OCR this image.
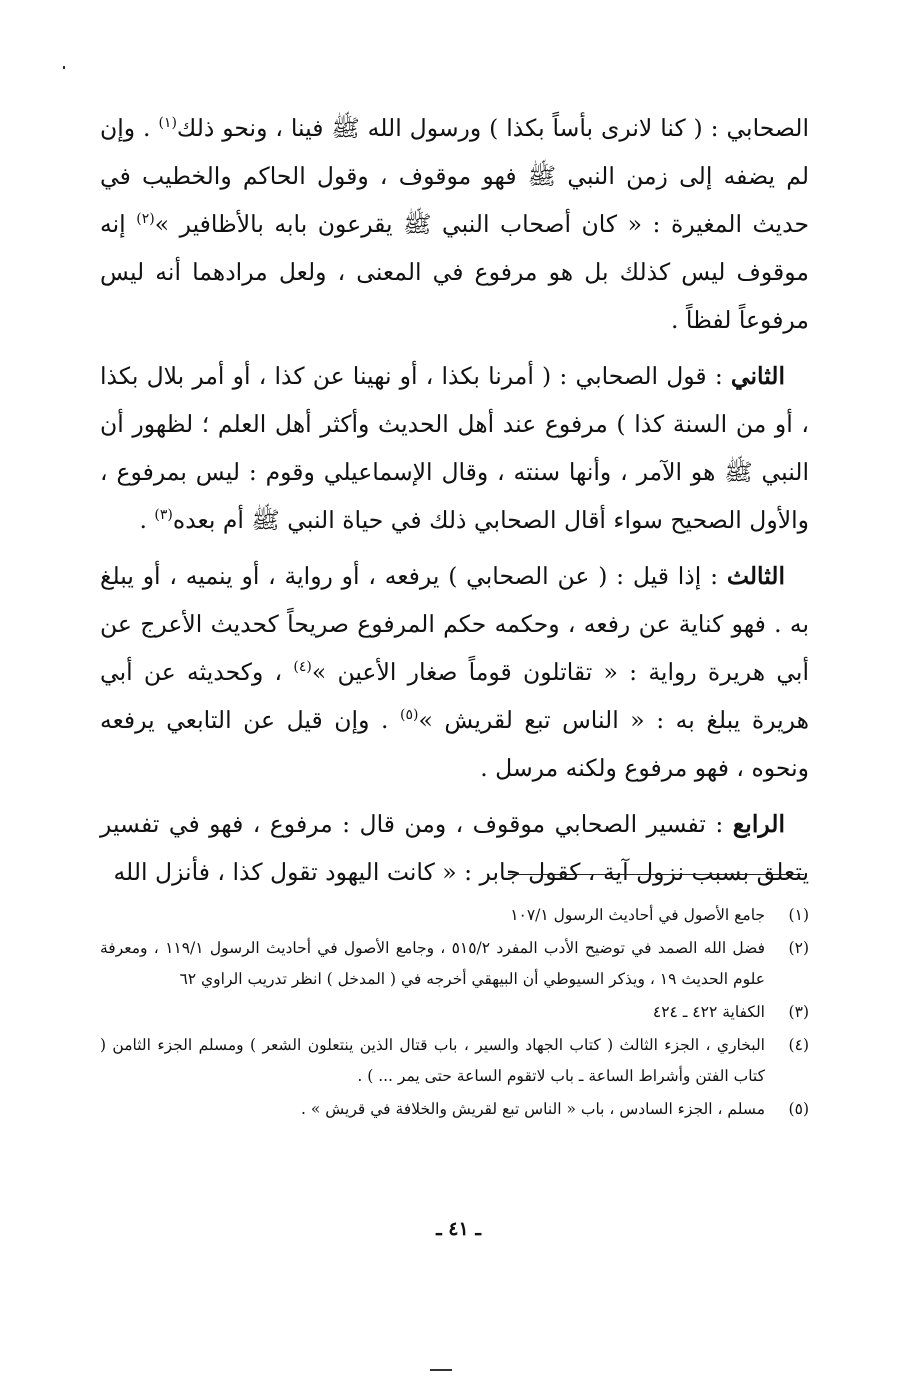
الصحابي : ( كنا لانرى بأساً بكذا ) ورسول الله ﷺ فينا ، ونحو ذلك$^{(١)}$ . وإن لم يضفه إلى زمن النبي ﷺ فهو موقوف ، وقول الحاكم والخطيب في حديث المغيرة : « كان أصحاب النبي ﷺ يقرعون بابه بالأظافير »$^{(٢)}$ إنه موقوف ليس كذلك بل هو مرفوع في المعنى ، ولعل مرادهما أنه ليس مرفوعاً لفظاً .

الثاني : قول الصحابي : ( أمرنا بكذا ، أو نهينا عن كذا ، أو أمر بلال بكذا ، أو من السنة كذا ) مرفوع عند أهل الحديث وأكثر أهل العلم ؛ لظهور أن النبي ﷺ هو الآمر ، وأنها سنته ، وقال الإسماعيلي وقوم : ليس بمرفوع ، والأول الصحيح سواء أقال الصحابي ذلك في حياة النبي ﷺ أم بعده$^{(٣)}$ .

الثالث : إذا قيل : ( عن الصحابي ) يرفعه ، أو رواية ، أو ينميه ، أو يبلغ به . فهو كناية عن رفعه ، وحكمه حكم المرفوع صريحاً كحديث الأعرج عن أبي هريرة رواية : « تقاتلون قوماً صغار الأعين »$^{(٤)}$ ، وكحديثه عن أبي هريرة يبلغ به : « الناس تبع لقريش »$^{(٥)}$ . وإن قيل عن التابعي يرفعه ونحوه ، فهو مرفوع ولكنه مرسل .

الرابع : تفسير الصحابي موقوف ، ومن قال : مرفوع ، فهو في تفسير يتعلق بسبب نزول آية ، كقول جابر : « كانت اليهود تقول كذا ، فأنزل الله

(١)
جامع الأصول في أحاديث الرسول ١٠٧/١
(٢)
فضل الله الصمد في توضيح الأدب المفرد ٥١٥/٢ ، وجامع الأصول في أحاديث الرسول ١١٩/١ ، ومعرفة علوم الحديث ١٩ ، ويذكر السيوطي أن البيهقي أخرجه في ( المدخل ) انظر تدريب الراوي ٦٢
(٣)
الكفاية ٤٢٢ ـ ٤٢٤
(٤)
البخاري ، الجزء الثالث ( كتاب الجهاد والسير ، باب قتال الذين ينتعلون الشعر ) ومسلم الجزء الثامن ( كتاب الفتن وأشراط الساعة ـ باب لاتقوم الساعة حتى يمر ... ) .
(٥)
مسلم ، الجزء السادس ، باب « الناس تبع لقريش والخلافة في قريش » .
ـ ٤١ ـ
